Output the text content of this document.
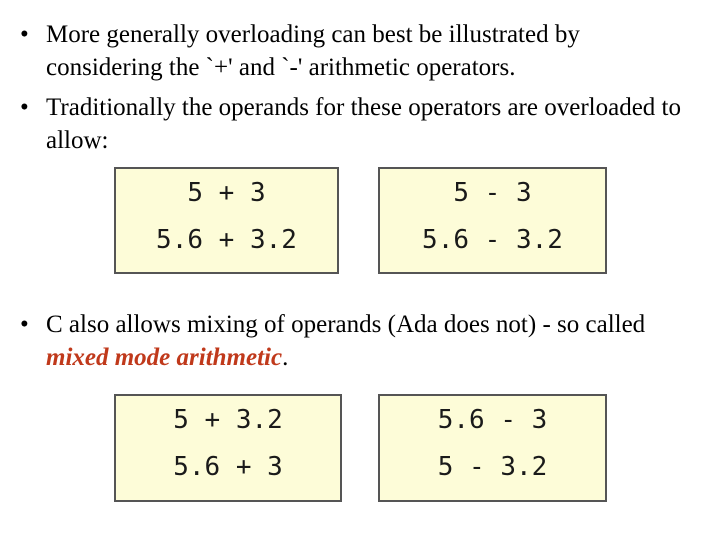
• More generally overloading can best be illustrated by considering the `+' and `-' arithmetic operators.
• Traditionally the operands for these operators are overloaded to allow:
5 + 3
5.6 + 3.2
5 - 3
5.6 - 3.2
• C also allows mixing of operands (Ada does not) - so called mixed mode arithmetic.
5 + 3.2
5.6 + 3
5.6 - 3
5 - 3.2
